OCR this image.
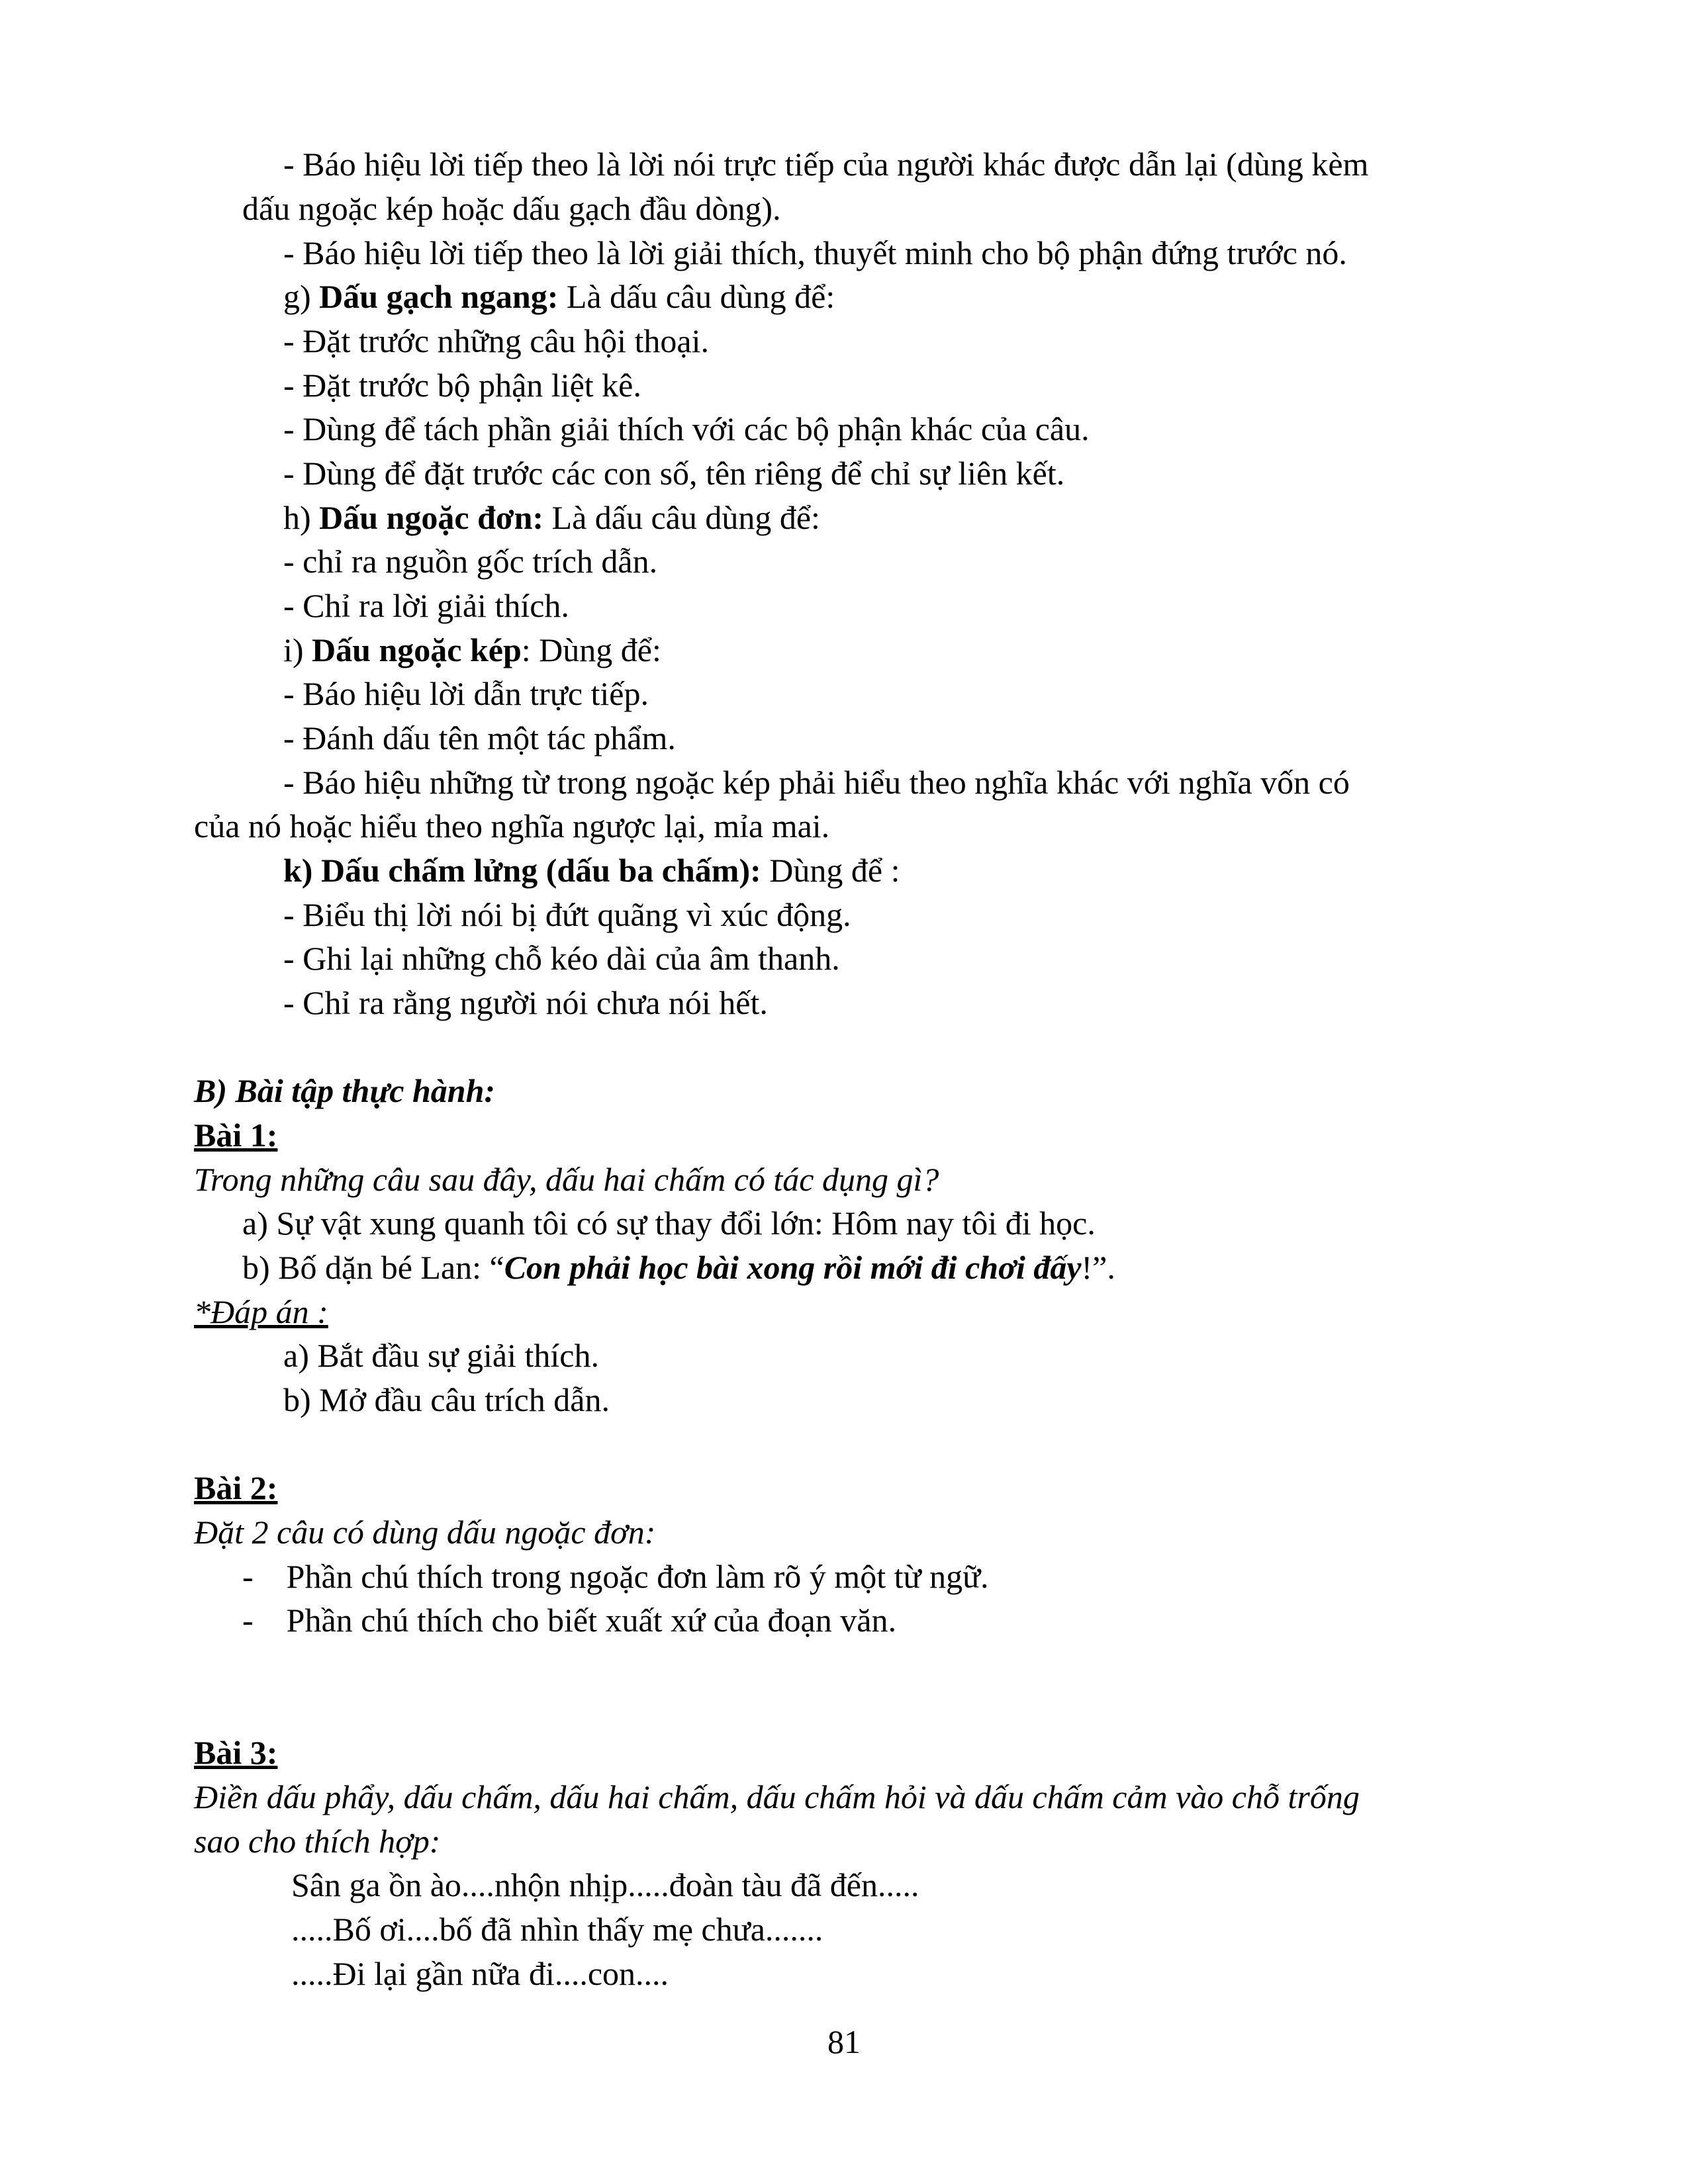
- Báo hiệu lời tiếp theo là lời nói trực tiếp của người khác được dẫn lại (dùng kèm

dấu ngoặc kép hoặc dấu gạch đầu dòng).

- Báo hiệu lời tiếp theo là lời giải thích, thuyết minh cho bộ phận đứng trước nó.

g) Dấu gạch ngang: Là dấu câu dùng để:

- Đặt trước những câu hội thoại.

- Đặt trước bộ phận liệt kê.

- Dùng để tách phần giải thích với các bộ phận khác của câu.

- Dùng để đặt trước các con số, tên riêng để chỉ sự liên kết.

h) Dấu ngoặc đơn: Là dấu câu dùng để:

- chỉ ra nguồn gốc trích dẫn.

- Chỉ ra lời giải thích.

i) Dấu ngoặc kép: Dùng để:

- Báo hiệu lời dẫn trực tiếp.

- Đánh dấu tên một tác phẩm.

- Báo hiệu những từ trong ngoặc kép phải hiểu theo nghĩa khác với nghĩa vốn có

của nó hoặc hiểu theo nghĩa ngược lại, mỉa mai.

k) Dấu chấm lửng (dấu ba chấm): Dùng để :

- Biểu thị lời nói bị đứt quãng vì xúc động.

- Ghi lại những chỗ kéo dài của âm thanh.

- Chỉ ra rằng người nói chưa nói hết.

B) Bài tập thực hành:

Bài 1:

Trong những câu sau đây, dấu hai chấm có tác dụng gì?

a) Sự vật xung quanh tôi có sự thay đổi lớn: Hôm nay tôi đi học.

b) Bố dặn bé Lan: “Con phải học bài xong rồi mới đi chơi đấy!”.

*Đáp án :

a) Bắt đầu sự giải thích.

b) Mở đầu câu trích dẫn.

Bài 2:

Đặt 2 câu có dùng dấu ngoặc đơn:

-    Phần chú thích trong ngoặc đơn làm rõ ý một từ ngữ.

-    Phần chú thích cho biết xuất xứ của đoạn văn.

Bài 3:

Điền dấu phẩy, dấu chấm, dấu hai chấm, dấu chấm hỏi và dấu chấm cảm vào chỗ trống

sao cho thích hợp:

Sân ga ồn ào....nhộn nhịp.....đoàn tàu đã đến.....

.....Bố ơi....bố đã nhìn thấy mẹ chưa.......

.....Đi lại gần nữa đi....con....

81
